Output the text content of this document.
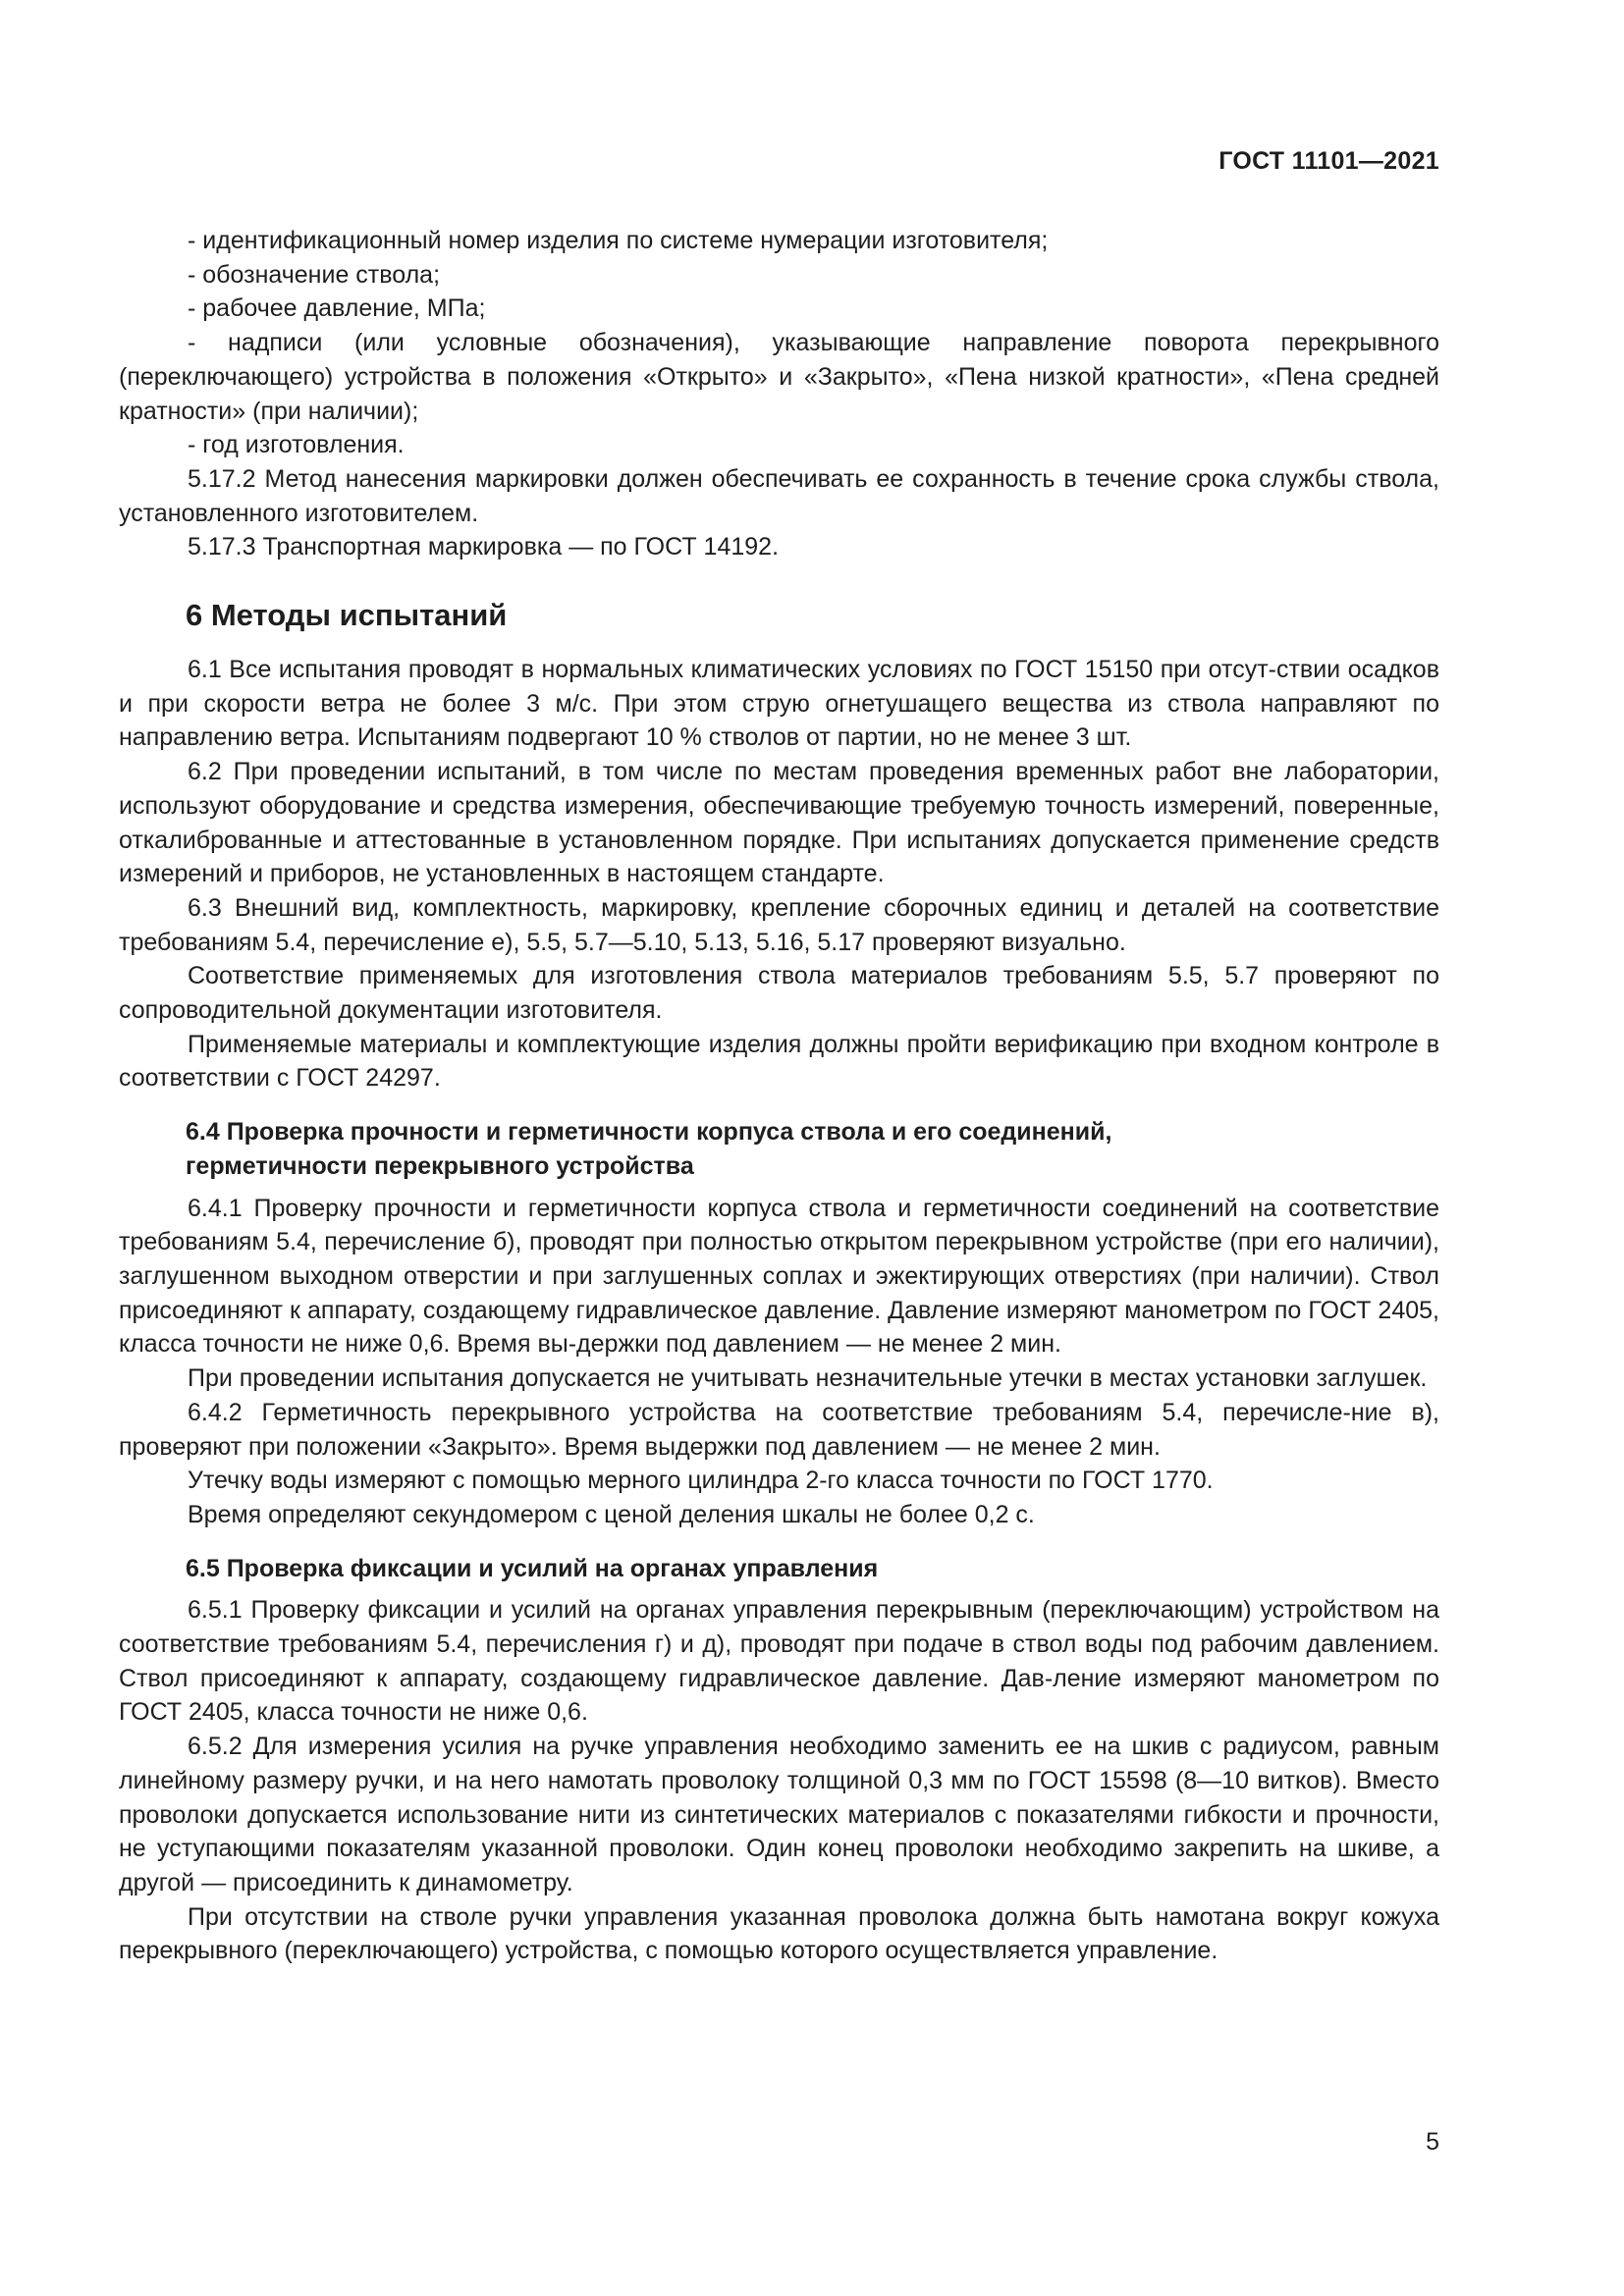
ГОСТ 11101—2021

- идентификационный номер изделия по системе нумерации изготовителя;

- обозначение ствола;

- рабочее давление, МПа;

- надписи (или условные обозначения), указывающие направление поворота перекрывного (переключающего) устройства в положения «Открыто» и «Закрыто», «Пена низкой кратности», «Пена средней кратности» (при наличии);

- год изготовления.

5.17.2 Метод нанесения маркировки должен обеспечивать ее сохранность в течение срока службы ствола, установленного изготовителем.

5.17.3 Транспортная маркировка — по ГОСТ 14192.

6 Методы испытаний

6.1 Все испытания проводят в нормальных климатических условиях по ГОСТ 15150 при отсут-ствии осадков и при скорости ветра не более 3 м/с. При этом струю огнетушащего вещества из ствола направляют по направлению ветра. Испытаниям подвергают 10 % стволов от партии, но не менее 3 шт.

6.2 При проведении испытаний, в том числе по местам проведения временных работ вне лаборатории, используют оборудование и средства измерения, обеспечивающие требуемую точность измерений, поверенные, откалиброванные и аттестованные в установленном порядке. При испытаниях допускается применение средств измерений и приборов, не установленных в настоящем стандарте.

6.3 Внешний вид, комплектность, маркировку, крепление сборочных единиц и деталей на соответствие требованиям 5.4, перечисление е), 5.5, 5.7—5.10, 5.13, 5.16, 5.17 проверяют визуально.

Соответствие применяемых для изготовления ствола материалов требованиям 5.5, 5.7 проверяют по сопроводительной документации изготовителя.

Применяемые материалы и комплектующие изделия должны пройти верификацию при входном контроле в соответствии с ГОСТ 24297.

6.4 Проверка прочности и герметичности корпуса ствола и его соединений,
герметичности перекрывного устройства

6.4.1 Проверку прочности и герметичности корпуса ствола и герметичности соединений на соответствие требованиям 5.4, перечисление б), проводят при полностью открытом перекрывном устройстве (при его наличии), заглушенном выходном отверстии и при заглушенных соплах и эжектирующих отверстиях (при наличии). Ствол присоединяют к аппарату, создающему гидравлическое давление. Давление измеряют манометром по ГОСТ 2405, класса точности не ниже 0,6. Время вы-держки под давлением — не менее 2 мин.

При проведении испытания допускается не учитывать незначительные утечки в местах установки заглушек.

6.4.2 Герметичность перекрывного устройства на соответствие требованиям 5.4, перечисле-ние в), проверяют при положении «Закрыто». Время выдержки под давлением — не менее 2 мин.

Утечку воды измеряют с помощью мерного цилиндра 2-го класса точности по ГОСТ 1770.

Время определяют секундомером с ценой деления шкалы не более 0,2 с.

6.5 Проверка фиксации и усилий на органах управления

6.5.1 Проверку фиксации и усилий на органах управления перекрывным (переключающим) устройством на соответствие требованиям 5.4, перечисления г) и д), проводят при подаче в ствол воды под рабочим давлением. Ствол присоединяют к аппарату, создающему гидравлическое давление. Дав-ление измеряют манометром по ГОСТ 2405, класса точности не ниже 0,6.

6.5.2 Для измерения усилия на ручке управления необходимо заменить ее на шкив с радиусом, равным линейному размеру ручки, и на него намотать проволоку толщиной 0,3 мм по ГОСТ 15598 (8—10 витков). Вместо проволоки допускается использование нити из синтетических материалов с показателями гибкости и прочности, не уступающими показателям указанной проволоки. Один конец проволоки необходимо закрепить на шкиве, а другой — присоединить к динамометру.

При отсутствии на стволе ручки управления указанная проволока должна быть намотана вокруг кожуха перекрывного (переключающего) устройства, с помощью которого осуществляется управление.

5
